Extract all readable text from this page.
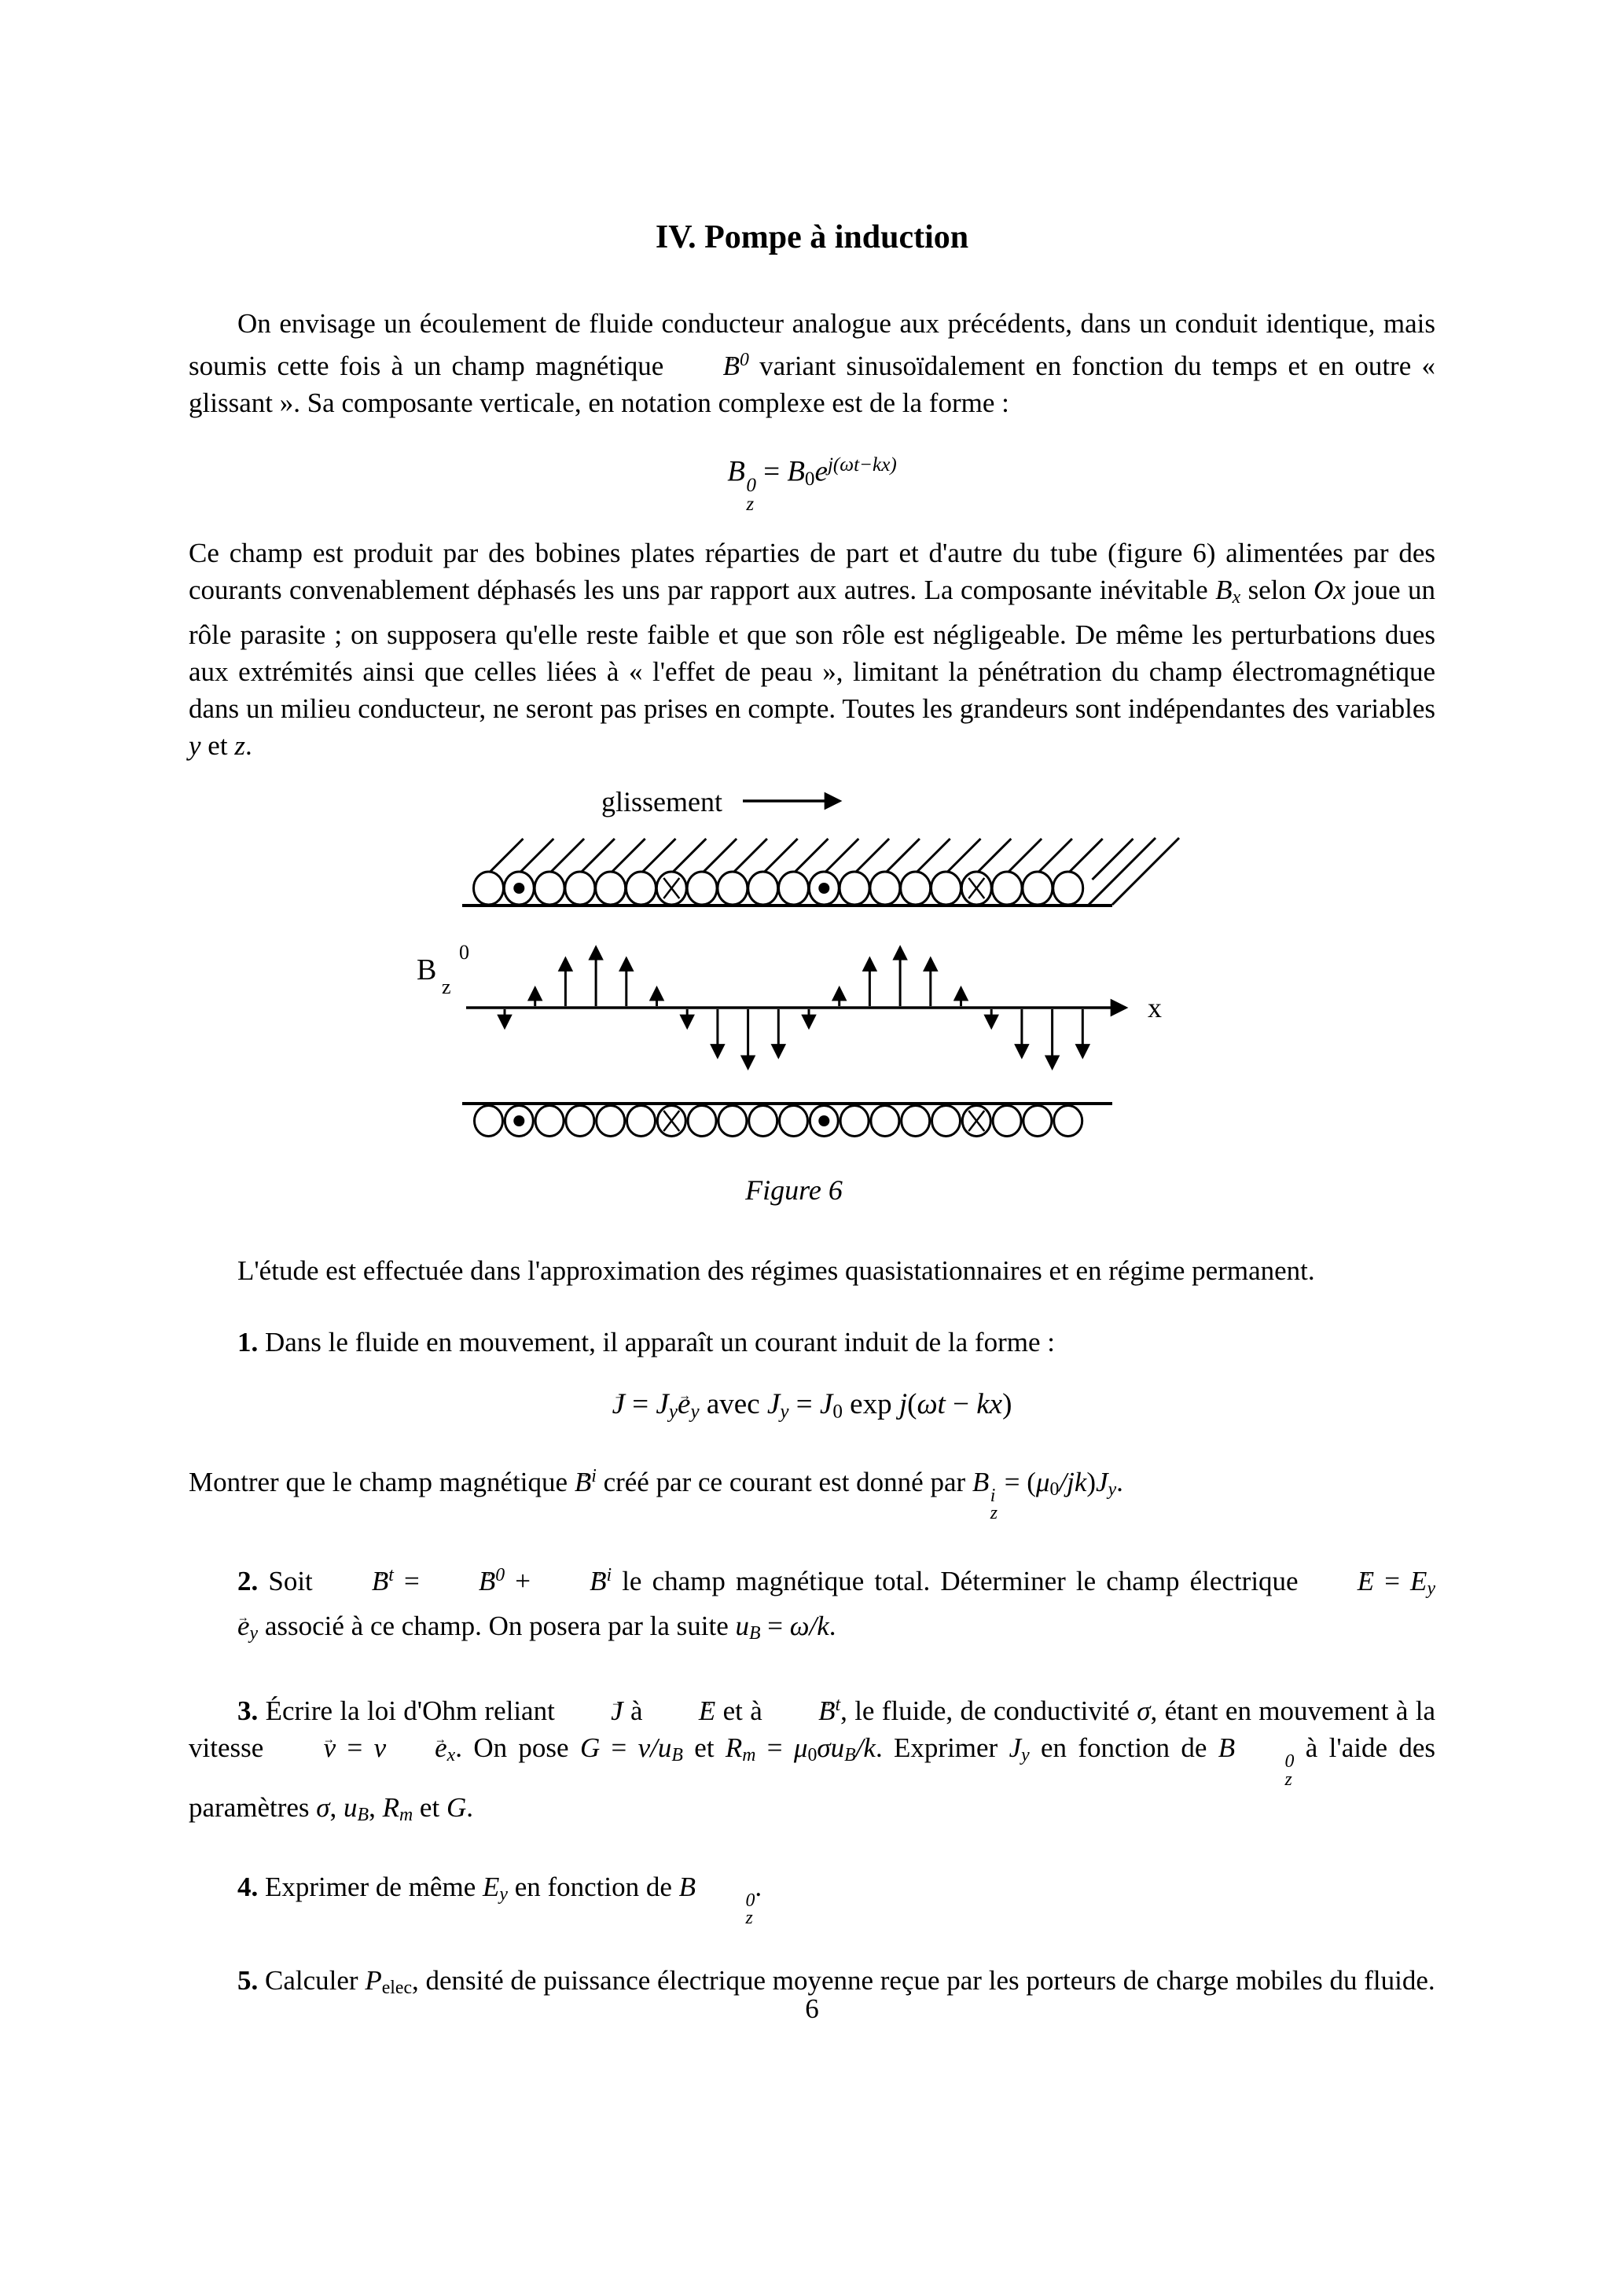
IV. Pompe à induction
On envisage un écoulement de fluide conducteur analogue aux précédents, dans un conduit identique, mais soumis cette fois à un champ magnétique B →$^0$ variant sinusoïdalement en fonction du temps et en outre « glissant ». Sa composante verticale, en notation complexe est de la forme :
B 0
z
= $B0e^{j(\omega t-kx)}$
Ce champ est produit par des bobines plates réparties de part et d'autre du tube (figure 6) alimentées par des courants convenablement déphasés les uns par rapport aux autres. La composante inévitable Bx selon Ox joue un rôle parasite ; on supposera qu'elle reste faible et que son rôle est négligeable. De même les perturbations dues aux extrémités ainsi que celles liées à « l'effet de peau », limitant la pénétration du champ électromagnétique dans un milieu conducteur, ne seront pas prises en compte. Toutes les grandeurs sont indépendantes des variables y et z.
glissement
B
z
0
x
Figure 6
L'étude est effectuée dans l'approximation des régimes quasistationnaires et en régime permanent.
1. Dans le fluide en mouvement, il apparaît un courant induit de la forme :
J → = Jye →y avec Jy = J0 exp j(ωt − kx)
Montrer que le champ magnétique B →$^i$ créé par ce courant est donné par B i
z
= (μ0/jk)Jy.
2. Soit B →$^t$ = B →$^0$ + B →$^i$ le champ magnétique total. Déterminer le champ électrique E → = Eye →y associé à ce champ. On posera par la suite uB = ω/k.
3. Écrire la loi d'Ohm reliant J → à E → et à B →$^t$, le fluide, de conductivité σ, étant en mouvement à la vitesse v → = v e →x. On pose G = v/uB et Rm = μ0σuB/k. Exprimer Jy en fonction de B	0
z
à l'aide des paramètres σ, uB, Rm et G.
4. Exprimer de même Ey en fonction de B	0
z
.
5. Calculer Pelec, densité de puissance électrique moyenne reçue par les porteurs de charge mobiles du fluide.
6
